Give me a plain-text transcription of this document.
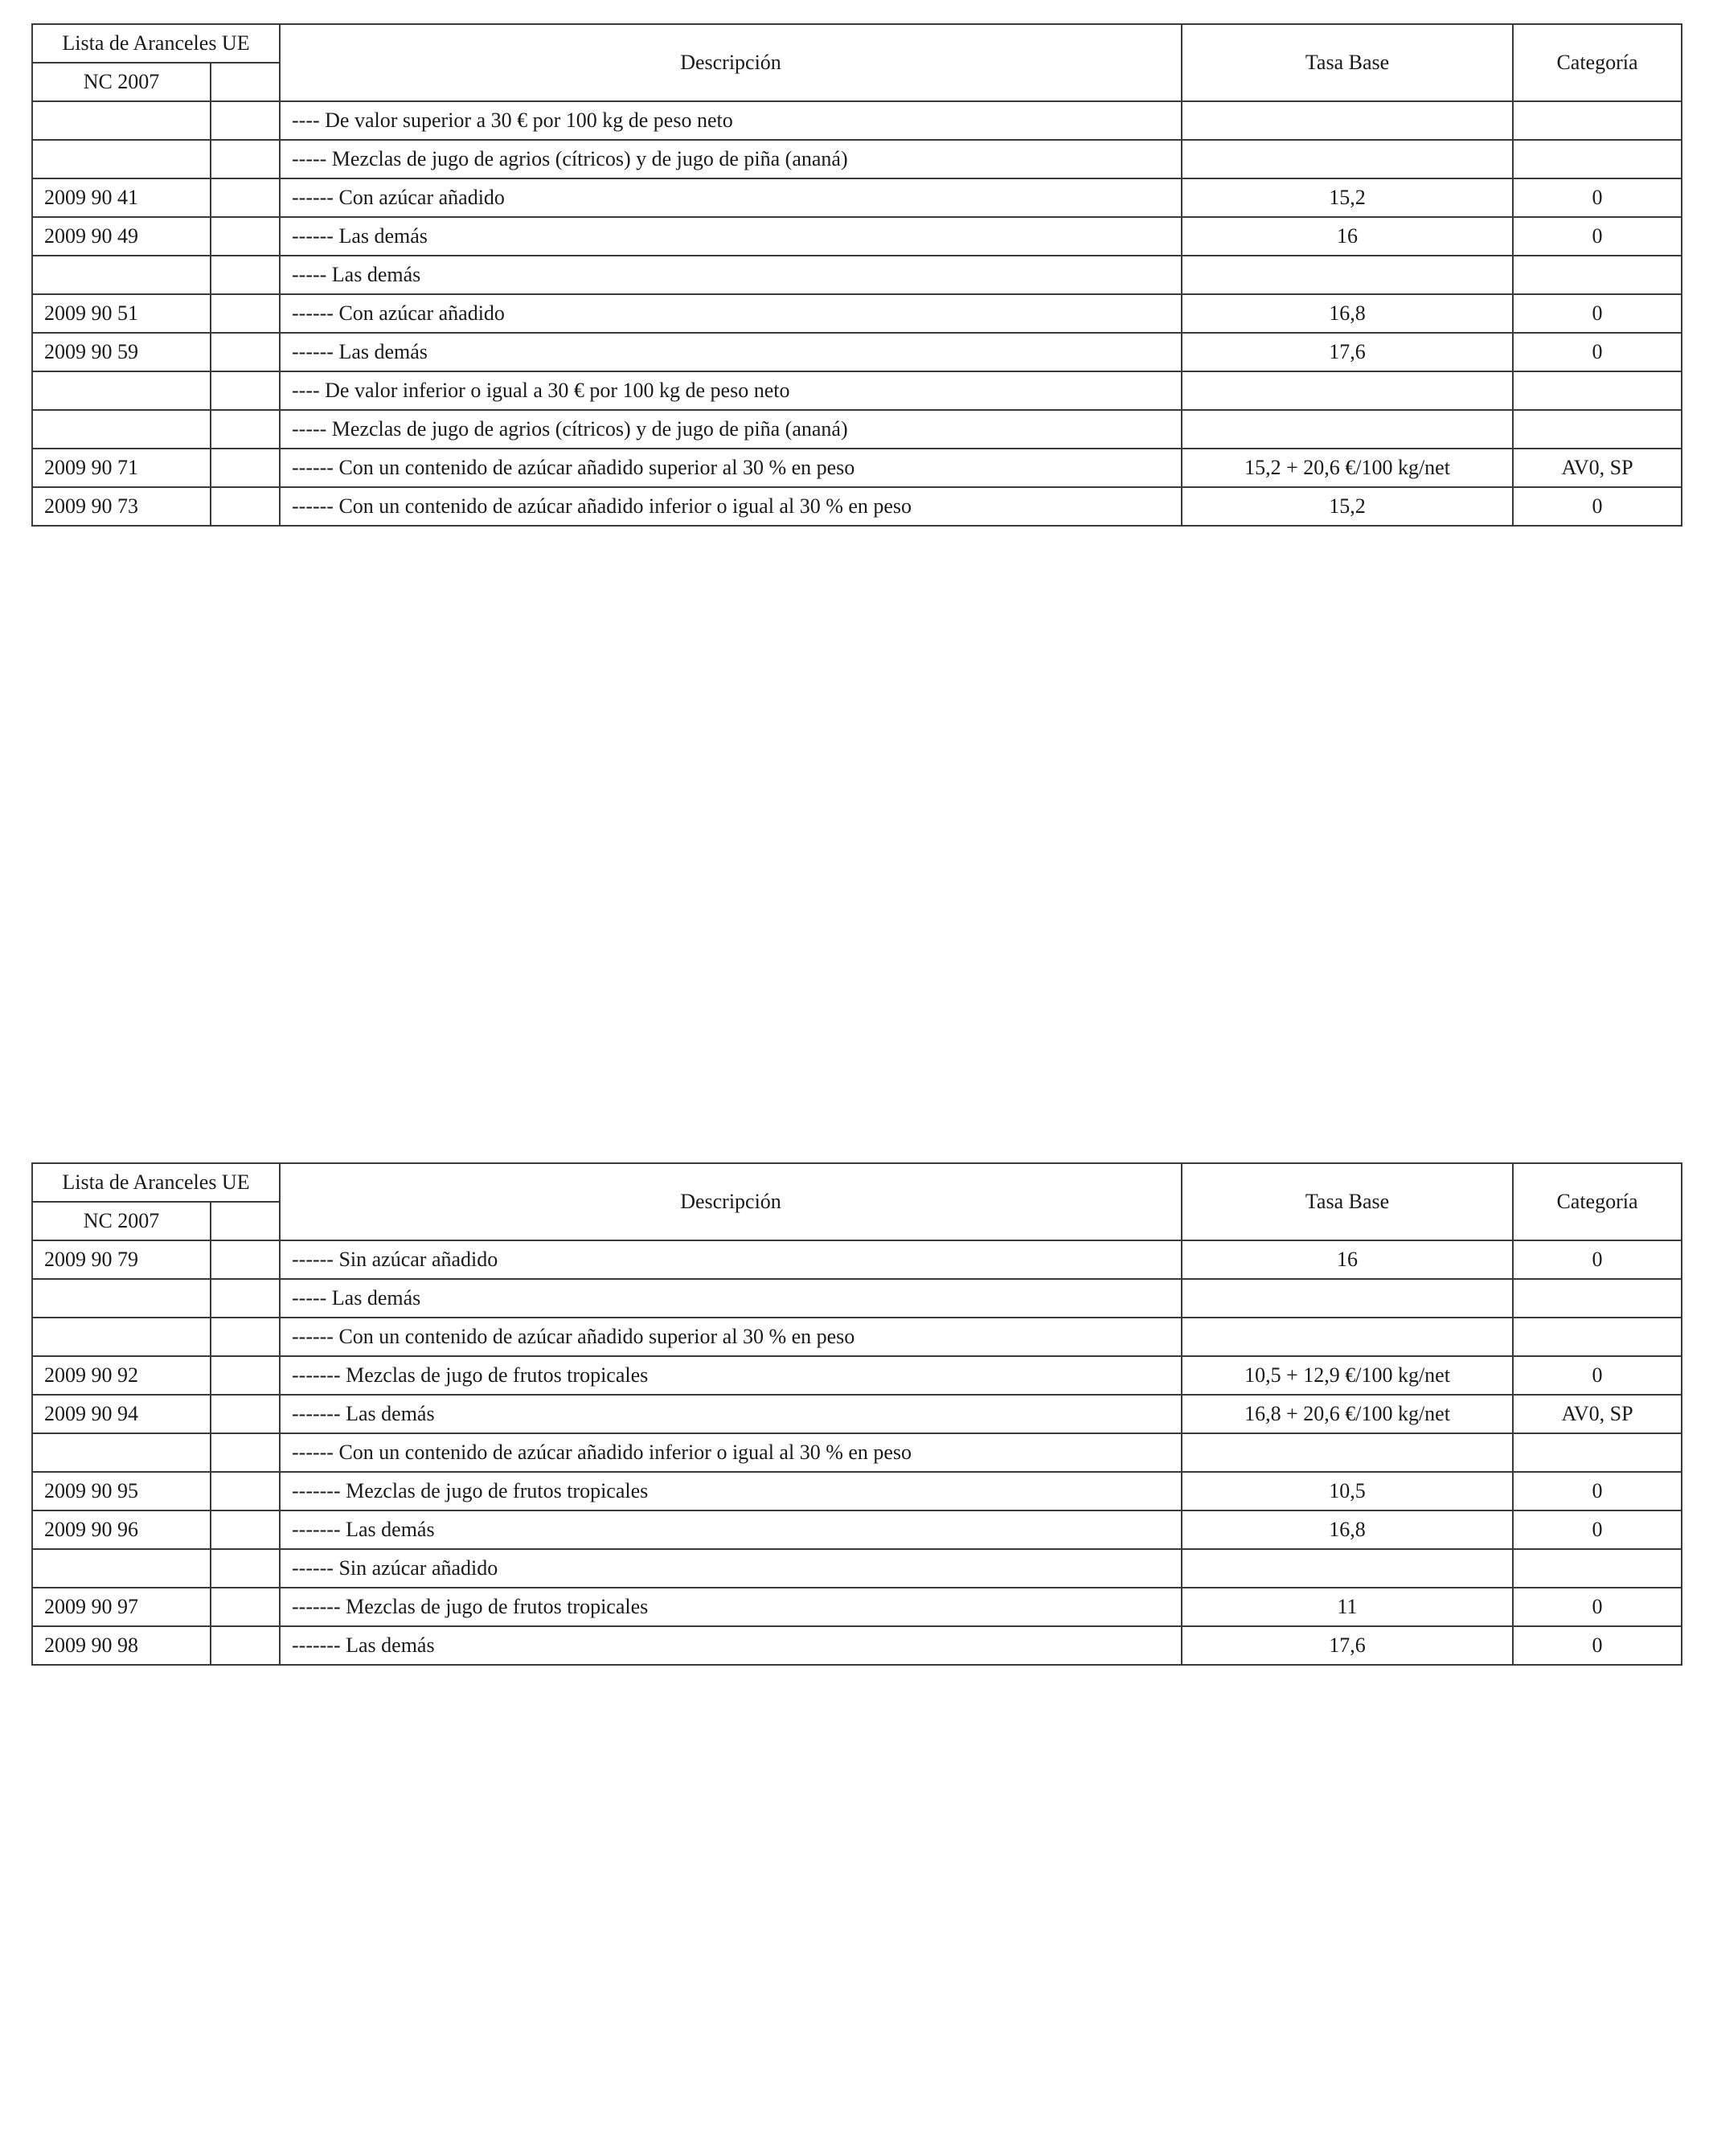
Lista de Aranceles UE		Descripción	Tasa Base	Categoría
NC 2007				
		---- De valor superior a 30 € por 100 kg de peso neto		
		----- Mezclas de jugo de agrios (cítricos) y de jugo de piña (ananá)		
2009 90 41		------ Con azúcar añadido	15,2	0
2009 90 49		------ Las demás	16	0
		----- Las demás		
2009 90 51		------ Con azúcar añadido	16,8	0
2009 90 59		------ Las demás	17,6	0
		---- De valor inferior o igual a 30 € por 100 kg de peso neto		
		----- Mezclas de jugo de agrios (cítricos) y de jugo de piña (ananá)		
2009 90 71		------ Con un contenido de azúcar añadido superior al 30 % en peso	15,2 + 20,6 €/100 kg/net	AV0, SP
2009 90 73		------ Con un contenido de azúcar añadido inferior o igual al 30 % en peso	15,2	0
Lista de Aranceles UE		Descripción	Tasa Base	Categoría
NC 2007				
2009 90 79		------ Sin azúcar añadido	16	0
		----- Las demás		
		------ Con un contenido de azúcar añadido superior al 30 % en peso		
2009 90 92		------- Mezclas de jugo de frutos tropicales	10,5 + 12,9 €/100 kg/net	0
2009 90 94		------- Las demás	16,8 + 20,6 €/100 kg/net	AV0, SP
		------ Con un contenido de azúcar añadido inferior o igual al 30 % en peso		
2009 90 95		------- Mezclas de jugo de frutos tropicales	10,5	0
2009 90 96		------- Las demás	16,8	0
		------ Sin azúcar añadido		
2009 90 97		------- Mezclas de jugo de frutos tropicales	11	0
2009 90 98		------- Las demás	17,6	0
